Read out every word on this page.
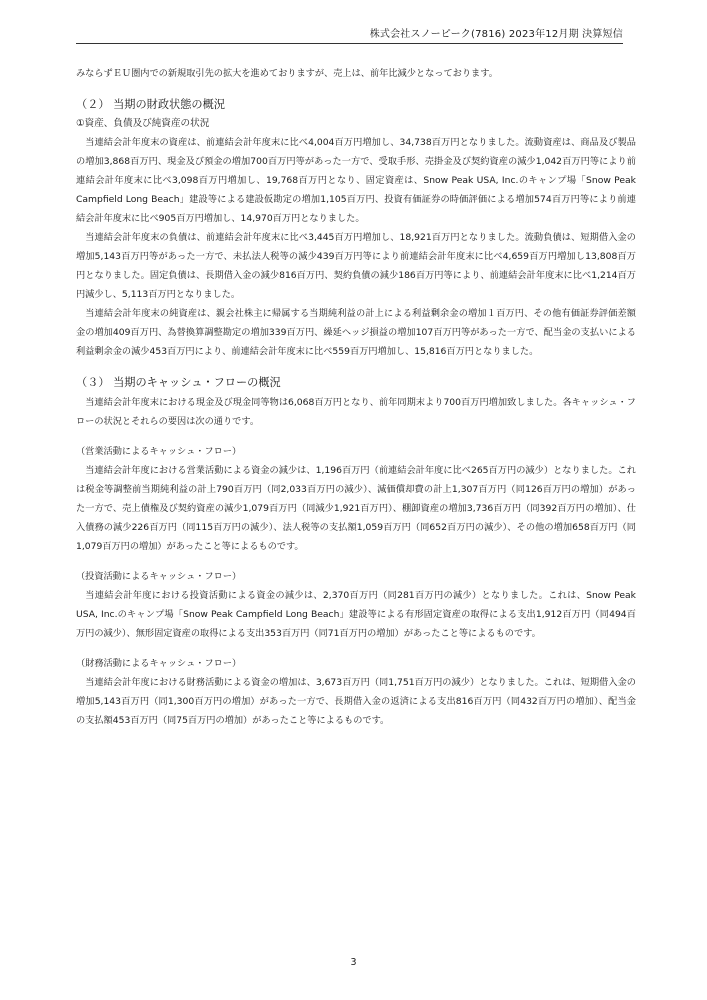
株式会社スノーピーク(7816) 2023年12月期 決算短信

みならずＥＵ圏内での新規取引先の拡大を進めておりますが、売上は、前年比減少となっております。

（２） 当期の財政状態の概況
①資産、負債及び純資産の状況

当連結会計年度末の資産は、前連結会計年度末に比べ4,004百万円増加し、34,738百万円となりました。流動資産は、商品及び製品の増加3,868百万円、現金及び預金の増加700百万円等があった一方で、受取手形、売掛金及び契約資産の減少1,042百万円等により前連結会計年度末に比べ3,098百万円増加し、19,768百万円となり、固定資産は、Snow Peak USA, Inc.のキャンプ場「Snow Peak Campfield Long Beach」建設等による建設仮勘定の増加1,105百万円、投資有価証券の時価評価による増加574百万円等により前連結会計年度末に比べ905百万円増加し、14,970百万円となりました。

当連結会計年度末の負債は、前連結会計年度末に比べ3,445百万円増加し、18,921百万円となりました。流動負債は、短期借入金の増加5,143百万円等があった一方で、未払法人税等の減少439百万円等により前連結会計年度末に比べ4,659百万円増加し13,808百万円となりました。固定負債は、長期借入金の減少816百万円、契約負債の減少186百万円等により、前連結会計年度末に比べ1,214百万円減少し、5,113百万円となりました。

当連結会計年度末の純資産は、親会社株主に帰属する当期純利益の計上による利益剰余金の増加１百万円、その他有価証券評価差額金の増加409百万円、為替換算調整勘定の増加339百万円、繰延ヘッジ損益の増加107百万円等があった一方で、配当金の支払いによる利益剰余金の減少453百万円により、前連結会計年度末に比べ559百万円増加し、15,816百万円となりました。

（３） 当期のキャッシュ・フローの概況

当連結会計年度末における現金及び現金同等物は6,068百万円となり、前年同期末より700百万円増加致しました。各キャッシュ・フローの状況とそれらの要因は次の通りです。

（営業活動によるキャッシュ・フロー）

当連結会計年度における営業活動による資金の減少は、1,196百万円（前連結会計年度に比べ265百万円の減少）となりました。これは税金等調整前当期純利益の計上790百万円（同2,033百万円の減少）、減価償却費の計上1,307百万円（同126百万円の増加）があった一方で、売上債権及び契約資産の減少1,079百万円（同減少1,921百万円）、棚卸資産の増加3,736百万円（同392百万円の増加）、仕入債務の減少226百万円（同115百万円の減少）、法人税等の支払額1,059百万円（同652百万円の減少）、その他の増加658百万円（同1,079百万円の増加）があったこと等によるものです。

（投資活動によるキャッシュ・フロー）

当連結会計年度における投資活動による資金の減少は、2,370百万円（同281百万円の減少）となりました。これは、Snow Peak USA, Inc.のキャンプ場「Snow Peak Campfield Long Beach」建設等による有形固定資産の取得による支出1,912百万円（同494百万円の減少）、無形固定資産の取得による支出353百万円（同71百万円の増加）があったこと等によるものです。

（財務活動によるキャッシュ・フロー）

当連結会計年度における財務活動による資金の増加は、3,673百万円（同1,751百万円の減少）となりました。これは、短期借入金の増加5,143百万円（同1,300百万円の増加）があった一方で、長期借入金の返済による支出816百万円（同432百万円の増加）、配当金の支払額453百万円（同75百万円の増加）があったこと等によるものです。

3
